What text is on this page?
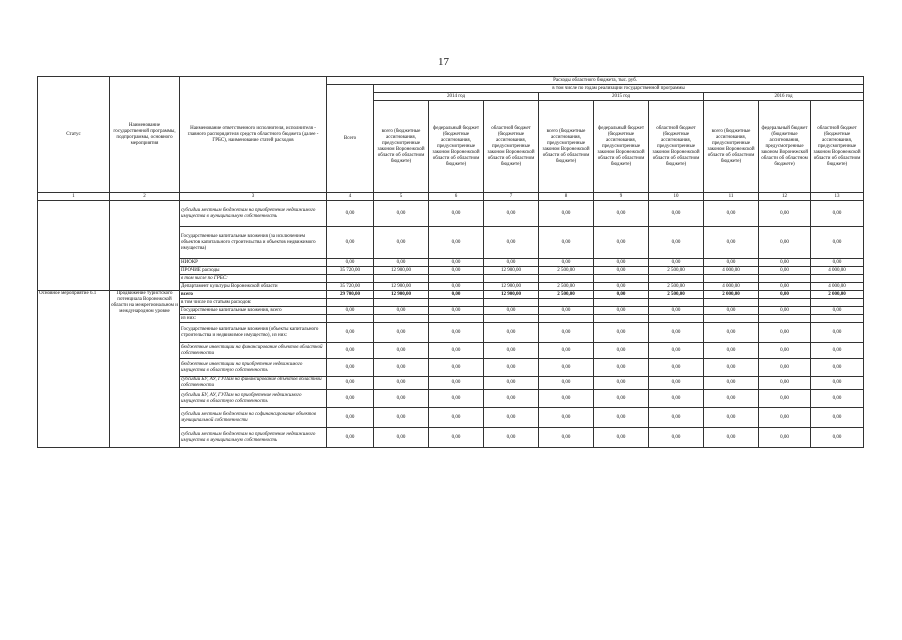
17
Статус	Наименование государственной программы, подпрограммы, основного мероприятия	Наименование ответственного исполнителя, исполнителя - главного распорядителя средств областного бюджета (далее - ГРБС), наименование статей расходов	Расходы областного бюджета, тыс. руб.									
			Всего	в том числе по годам реализации государственной программы								
				2014 год			2015 год			2016 год		
				всего (бюджетные ассигнования, предусмотренные законом Воронежской области об областном бюджете)	федеральный бюджет (бюджетные ассигнования, предусмотренные законом Воронежской области об областном бюджете)	областной бюджет (бюджетные ассигнования, предусмотренные законом Воронежской области об областном бюджете)	всего (бюджетные ассигнования, предусмотренные законом Воронежской области об областном бюджете)	федеральный бюджет (бюджетные ассигнования, предусмотренные законом Воронежской области об областном бюджете)	областной бюджет (бюджетные ассигнования, предусмотренные законом Воронежской области об областном бюджете)	всего (бюджетные ассигнования, предусмотренные законом Воронежской области об областном бюджете)	федеральный бюджет (бюджетные ассигнования, предусмотренные законом Воронежской области об областном бюджете)	областной бюджет (бюджетные ассигнования, предусмотренные законом Воронежской области об областном бюджете)
1	2	3	4	5	6	7	8	9	10	11	12	13
		субсидии местным бюджетам на приобретение недвижимого имущества в муниципальную собственность	0,00	0,00	0,00	0,00	0,00	0,00	0,00	0,00	0,00	0,00
		Государственные капитальные вложения (за исключением объектов капитального строительства и объектов недвижимого имущества)	0,00	0,00	0,00	0,00	0,00	0,00	0,00	0,00	0,00	0,00
		НИОКР	0,00	0,00	0,00	0,00	0,00	0,00	0,00	0,00	0,00	0,00
		ПРОЧИЕ расходы	35 720,00	12 900,00	0,00	12 900,00	2 500,00	0,00	2 500,00	4 000,00	0,00	4 000,00
		в том числе по ГРБС:										
		Департамент культуры Воронежской области	35 720,00	12 900,00	0,00	12 900,00	2 500,00	0,00	2 500,00	4 000,00	0,00	4 000,00
Основное мероприятие 6.1	Продвижение туристского потенциала Воронежской области на межрегиональном и международном уровне	всего	29 700,00	12 900,00	0,00	12 900,00	2 500,00	0,00	2 500,00	2 000,00	0,00	2 000,00
		в том числе по статьям расходов:										
		Государственные капитальные вложения, всего	0,00	0,00	0,00	0,00	0,00	0,00	0,00	0,00	0,00	0,00
		из них:										
		Государственные капитальные вложения (объекты капитального строительства и недвижимое имущество), из них:	0,00	0,00	0,00	0,00	0,00	0,00	0,00	0,00	0,00	0,00
		бюджетные инвестиции на финансирование объектов областной собственности	0,00	0,00	0,00	0,00	0,00	0,00	0,00	0,00	0,00	0,00
		бюджетные инвестиции на приобретение недвижимого имущества в областную собственность	0,00	0,00	0,00	0,00	0,00	0,00	0,00	0,00	0,00	0,00
		субсидии БУ, АУ, ГУПам на финансирование объектов областной собственности	0,00	0,00	0,00	0,00	0,00	0,00	0,00	0,00	0,00	0,00
		субсидии БУ, АУ, ГУПам на приобретение недвижимого имущества в областную собственность	0,00	0,00	0,00	0,00	0,00	0,00	0,00	0,00	0,00	0,00
		субсидии местным бюджетам на софинансирование объектов муниципальной собственности	0,00	0,00	0,00	0,00	0,00	0,00	0,00	0,00	0,00	0,00
		субсидии местным бюджетам на приобретение недвижимого имущества в муниципальную собственность	0,00	0,00	0,00	0,00	0,00	0,00	0,00	0,00	0,00	0,00
